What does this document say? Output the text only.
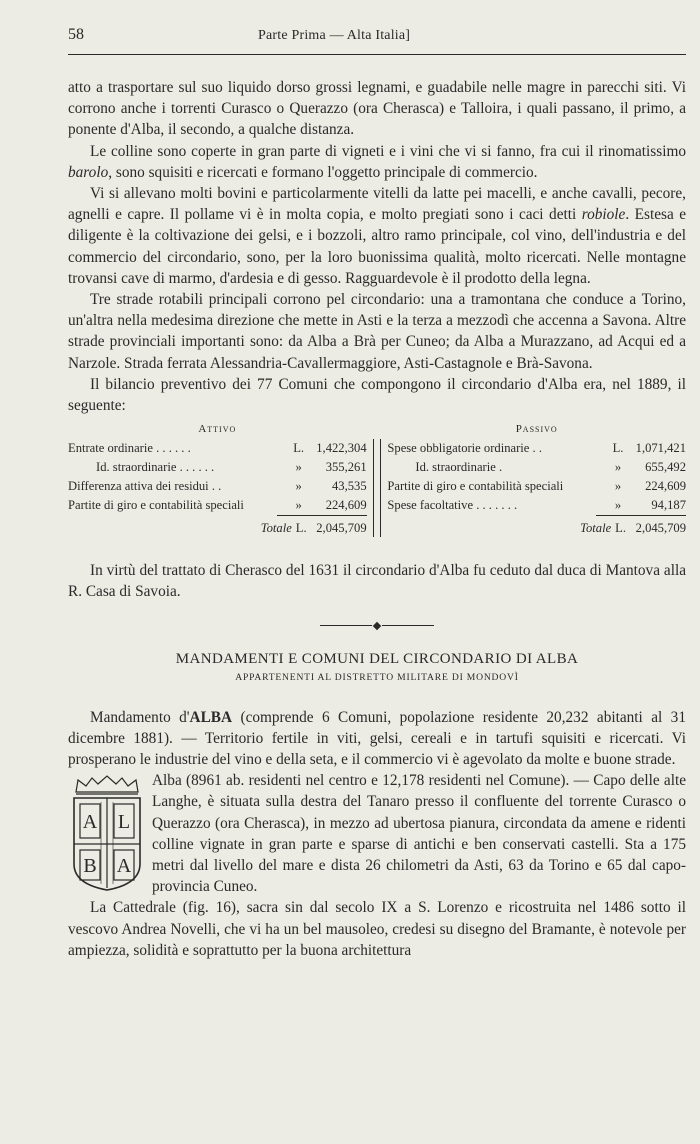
58	Parte Prima — Alta Italia]

atto a trasportare sul suo liquido dorso grossi legnami, e guadabile nelle magre in parecchi siti. Vi corrono anche i torrenti Curasco o Querazzo (ora Cherasca) e Talloira, i quali passano, il primo, a ponente d'Alba, il secondo, a qualche distanza.

Le colline sono coperte in gran parte di vigneti e i vini che vi si fanno, fra cui il rinomatissimo barolo, sono squisiti e ricercati e formano l'oggetto principale di commercio.

Vi si allevano molti bovini e particolarmente vitelli da latte pei macelli, e anche cavalli, pecore, agnelli e capre. Il pollame vi è in molta copia, e molto pregiati sono i caci detti robiole. Estesa e diligente è la coltivazione dei gelsi, e i bozzoli, altro ramo principale, col vino, dell'industria e del commercio del circondario, sono, per la loro buonissima qualità, molto ricercati. Nelle montagne trovansi cave di marmo, d'ardesia e di gesso. Ragguardevole è il prodotto della legna.

Tre strade rotabili principali corrono pel circondario: una a tramontana che conduce a Torino, un'altra nella medesima direzione che mette in Asti e la terza a mezzodì che accenna a Savona. Altre strade provinciali importanti sono: da Alba a Brà per Cuneo; da Alba a Murazzano, ad Acqui ed a Narzole. Strada ferrata Alessandria-Cavallermaggiore, Asti-Castagnole e Brà-Savona.

Il bilancio preventivo dei 77 Comuni che compongono il circondario d'Alba era, nel 1889, il seguente:

Attivo
Entrate ordinarie . . . . . .	L. 1,422,304
Id. straordinarie . . . . . .	»	355,261
Differenza attiva dei residui . .	»	43,535
Partite di giro e contabilità speciali	»	224,609
Totale L. 2,045,709
Passivo
Spese obbligatorie ordinarie . .	L. 1,071,421
Id. straordinarie .	»	655,492
Partite di giro e contabilità speciali	»	224,609
Spese facoltative . . . . . . .	»	94,187
Totale L. 2,045,709

In virtù del trattato di Cherasco del 1631 il circondario d'Alba fu ceduto dal duca di Mantova alla R. Casa di Savoia.

MANDAMENTI E COMUNI DEL CIRCONDARIO DI ALBA
APPARTENENTI AL DISTRETTO MILITARE DI MONDOVÌ

Mandamento d'ALBA (comprende 6 Comuni, popolazione residente 20,232 abitanti al 31 dicembre 1881). — Territorio fertile in viti, gelsi, cereali e in tartufi squisiti e ricercati. Vi prosperano le industrie del vino e della seta, e il commercio vi è agevolato da molte e buone strade.

A L
B A

Alba (8961 ab. residenti nel centro e 12,178 residenti nel Comune). — Capo delle alte Langhe, è situata sulla destra del Tanaro presso il confluente del torrente Curasco o Querazzo (ora Cherasca), in mezzo ad ubertosa pianura, circondata da amene e ridenti colline vignate in gran parte e sparse di antichi e ben conservati castelli. Sta a 175 metri dal livello del mare e dista 26 chilometri da Asti, 63 da Torino e 65 dal capo-provincia Cuneo.

La Cattedrale (fig. 16), sacra sin dal secolo IX a S. Lorenzo e ricostruita nel 1486 sotto il vescovo Andrea Novelli, che vi ha un bel mausoleo, credesi su disegno del Bramante, è notevole per ampiezza, solidità e soprattutto per la buona architettura
